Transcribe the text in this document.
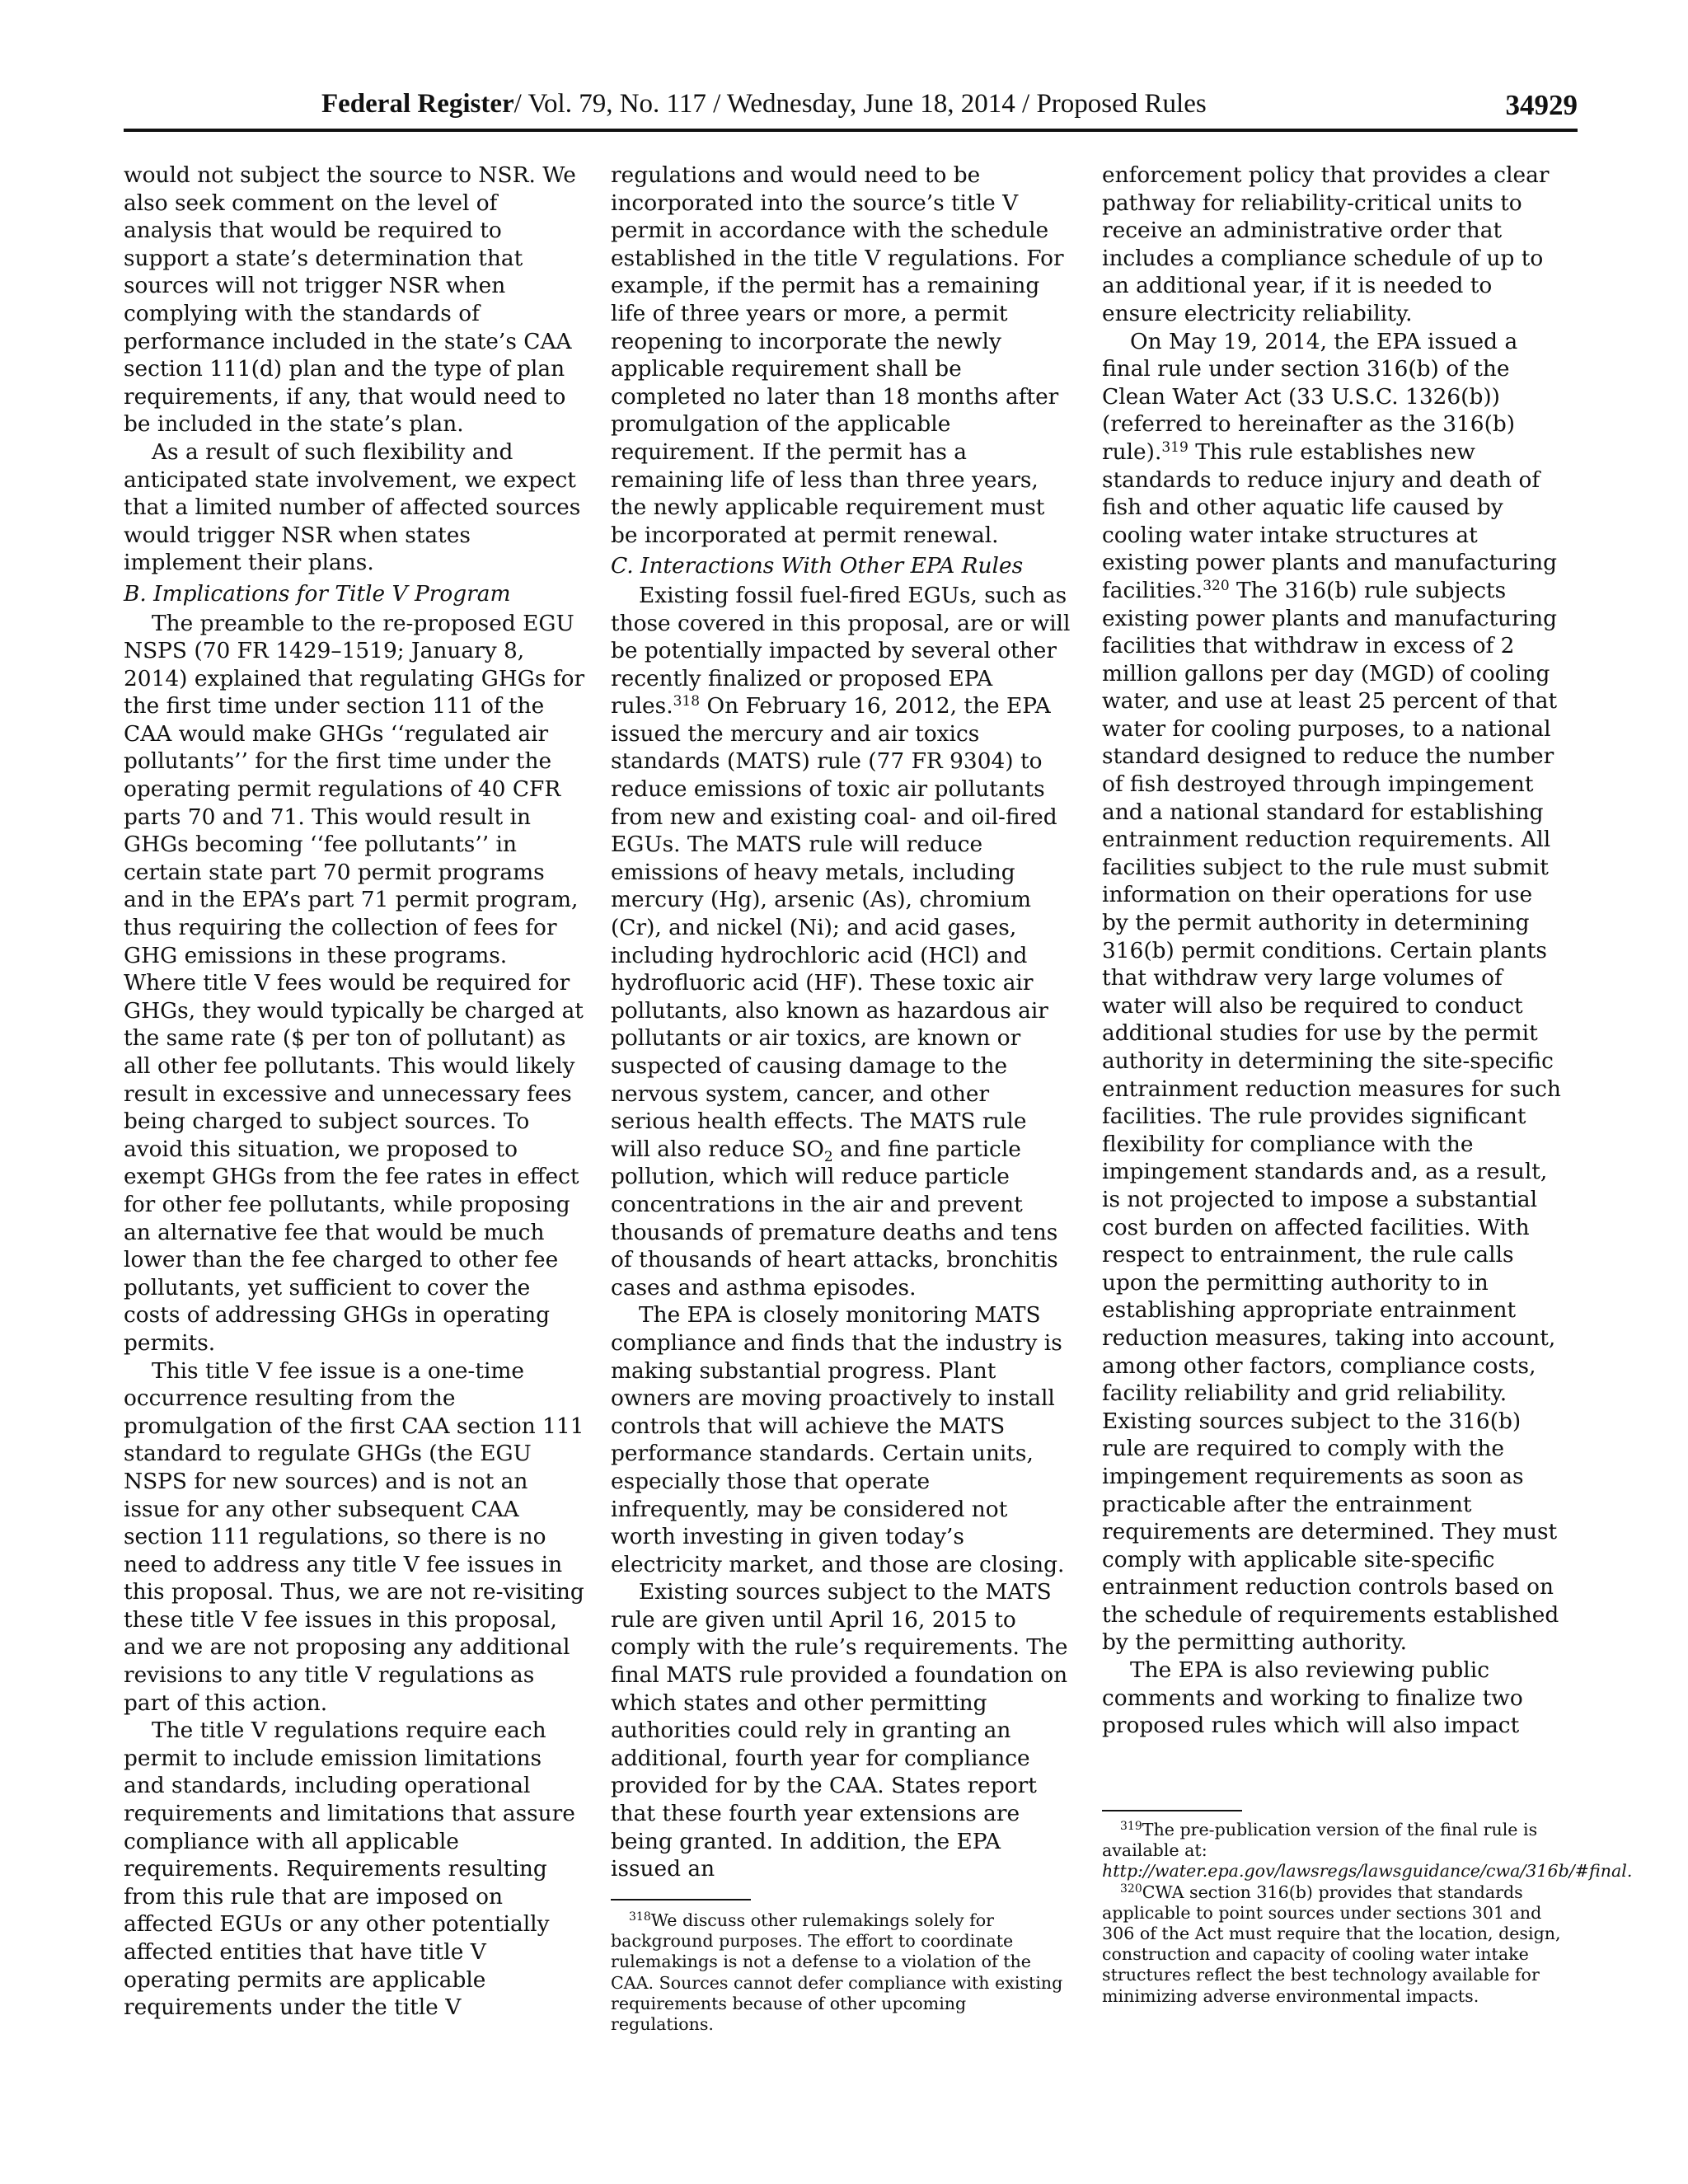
Federal Register/ Vol. 79, No. 117 / Wednesday, June 18, 2014 / Proposed Rules	34929

would not subject the source to NSR. We also seek comment on the level of analysis that would be required to support a state’s determination that sources will not trigger NSR when complying with the standards of performance included in the state’s CAA section 111(d) plan and the type of plan requirements, if any, that would need to be included in the state’s plan.

As a result of such flexibility and anticipated state involvement, we expect that a limited number of affected sources would trigger NSR when states implement their plans.

B. Implications for Title V Program

The preamble to the re-proposed EGU NSPS (70 FR 1429–1519; January 8, 2014) explained that regulating GHGs for the first time under section 111 of the CAA would make GHGs ‘‘regulated air pollutants’’ for the first time under the operating permit regulations of 40 CFR parts 70 and 71. This would result in GHGs becoming ‘‘fee pollutants’’ in certain state part 70 permit programs and in the EPA’s part 71 permit program, thus requiring the collection of fees for GHG emissions in these programs. Where title V fees would be required for GHGs, they would typically be charged at the same rate ($ per ton of pollutant) as all other fee pollutants. This would likely result in excessive and unnecessary fees being charged to subject sources. To avoid this situation, we proposed to exempt GHGs from the fee rates in effect for other fee pollutants, while proposing an alternative fee that would be much lower than the fee charged to other fee pollutants, yet sufficient to cover the costs of addressing GHGs in operating permits.

This title V fee issue is a one-time occurrence resulting from the promulgation of the first CAA section 111 standard to regulate GHGs (the EGU NSPS for new sources) and is not an issue for any other subsequent CAA section 111 regulations, so there is no need to address any title V fee issues in this proposal. Thus, we are not re-visiting these title V fee issues in this proposal, and we are not proposing any additional revisions to any title V regulations as part of this action.

The title V regulations require each permit to include emission limitations and standards, including operational requirements and limitations that assure compliance with all applicable requirements. Requirements resulting from this rule that are imposed on affected EGUs or any other potentially affected entities that have title V operating permits are applicable requirements under the title V

regulations and would need to be incorporated into the source’s title V permit in accordance with the schedule established in the title V regulations. For example, if the permit has a remaining life of three years or more, a permit reopening to incorporate the newly applicable requirement shall be completed no later than 18 months after promulgation of the applicable requirement. If the permit has a remaining life of less than three years, the newly applicable requirement must be incorporated at permit renewal.

C. Interactions With Other EPA Rules

Existing fossil fuel-fired EGUs, such as those covered in this proposal, are or will be potentially impacted by several other recently finalized or proposed EPA rules.$^{318}$ On February 16, 2012, the EPA issued the mercury and air toxics standards (MATS) rule (77 FR 9304) to reduce emissions of toxic air pollutants from new and existing coal- and oil-fired EGUs. The MATS rule will reduce emissions of heavy metals, including mercury (Hg), arsenic (As), chromium (Cr), and nickel (Ni); and acid gases, including hydrochloric acid (HCl) and hydrofluoric acid (HF). These toxic air pollutants, also known as hazardous air pollutants or air toxics, are known or suspected of causing damage to the nervous system, cancer, and other serious health effects. The MATS rule will also reduce $SO_2$ and fine particle pollution, which will reduce particle concentrations in the air and prevent thousands of premature deaths and tens of thousands of heart attacks, bronchitis cases and asthma episodes.

The EPA is closely monitoring MATS compliance and finds that the industry is making substantial progress. Plant owners are moving proactively to install controls that will achieve the MATS performance standards. Certain units, especially those that operate infrequently, may be considered not worth investing in given today’s electricity market, and those are closing.

Existing sources subject to the MATS rule are given until April 16, 2015 to comply with the rule’s requirements. The final MATS rule provided a foundation on which states and other permitting authorities could rely in granting an additional, fourth year for compliance provided for by the CAA. States report that these fourth year extensions are being granted. In addition, the EPA issued an

$^{318}$We discuss other rulemakings solely for background purposes. The effort to coordinate rulemakings is not a defense to a violation of the CAA. Sources cannot defer compliance with existing requirements because of other upcoming regulations.

enforcement policy that provides a clear pathway for reliability-critical units to receive an administrative order that includes a compliance schedule of up to an additional year, if it is needed to ensure electricity reliability.

On May 19, 2014, the EPA issued a final rule under section 316(b) of the Clean Water Act (33 U.S.C. 1326(b)) (referred to hereinafter as the 316(b) rule).$^{319}$ This rule establishes new standards to reduce injury and death of fish and other aquatic life caused by cooling water intake structures at existing power plants and manufacturing facilities.$^{320}$ The 316(b) rule subjects existing power plants and manufacturing facilities that withdraw in excess of 2 million gallons per day (MGD) of cooling water, and use at least 25 percent of that water for cooling purposes, to a national standard designed to reduce the number of fish destroyed through impingement and a national standard for establishing entrainment reduction requirements. All facilities subject to the rule must submit information on their operations for use by the permit authority in determining 316(b) permit conditions. Certain plants that withdraw very large volumes of water will also be required to conduct additional studies for use by the permit authority in determining the site-specific entrainment reduction measures for such facilities. The rule provides significant flexibility for compliance with the impingement standards and, as a result, is not projected to impose a substantial cost burden on affected facilities. With respect to entrainment, the rule calls upon the permitting authority to in establishing appropriate entrainment reduction measures, taking into account, among other factors, compliance costs, facility reliability and grid reliability. Existing sources subject to the 316(b) rule are required to comply with the impingement requirements as soon as practicable after the entrainment requirements are determined. They must comply with applicable site-specific entrainment reduction controls based on the schedule of requirements established by the permitting authority.

The EPA is also reviewing public comments and working to finalize two proposed rules which will also impact

$^{319}$The pre-publication version of the final rule is available at: http://water.epa.gov/lawsregs/lawsguidance/cwa/316b/#final.

$^{320}$CWA section 316(b) provides that standards applicable to point sources under sections 301 and 306 of the Act must require that the location, design, construction and capacity of cooling water intake structures reflect the best technology available for minimizing adverse environmental impacts.
